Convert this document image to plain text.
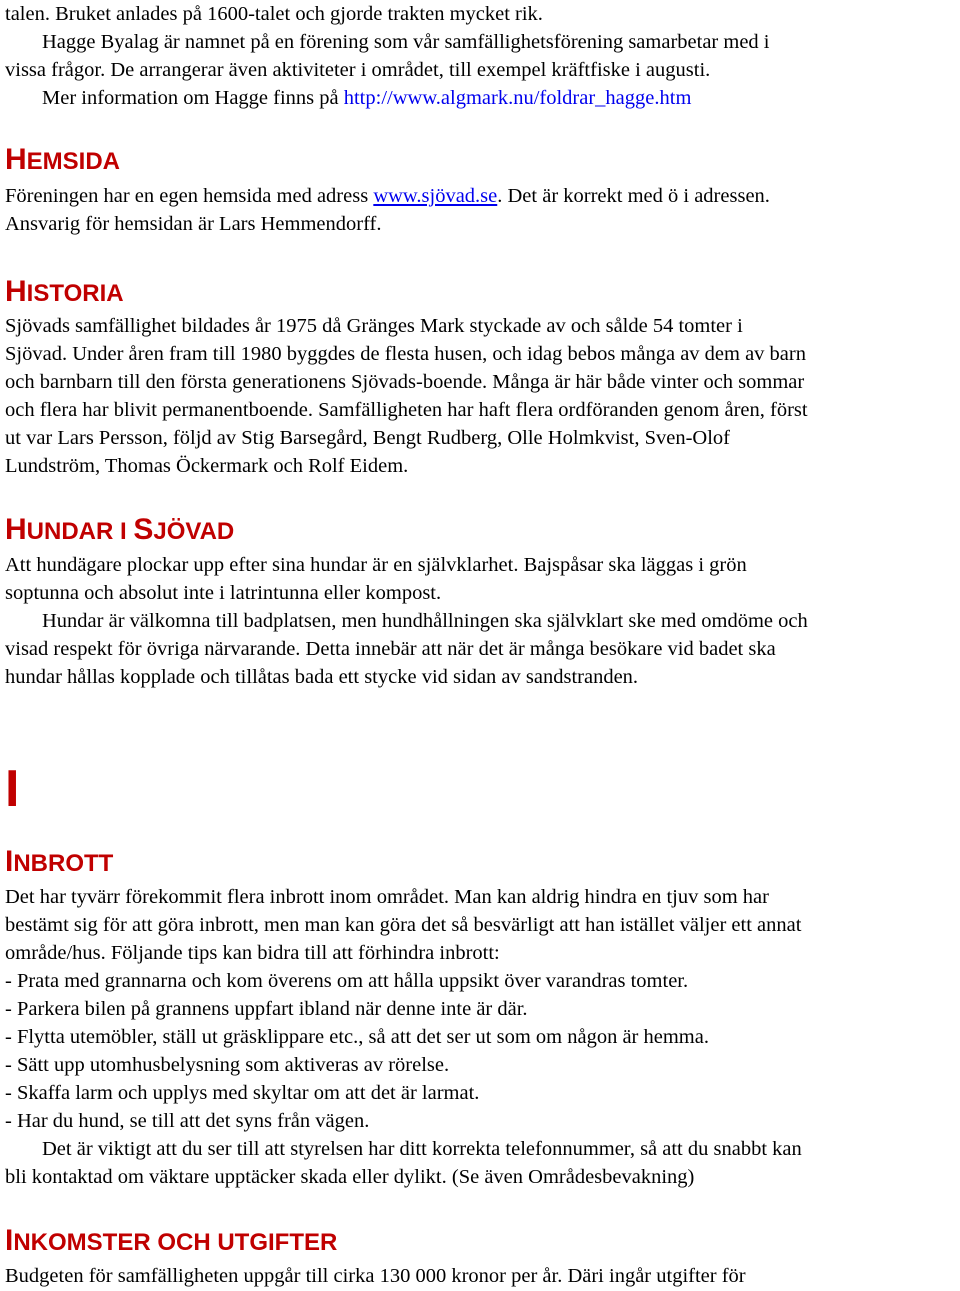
talen. Bruket anlades på 1600-talet och gjorde trakten mycket rik.
Hagge Byalag är namnet på en förening som vår samfällighetsförening samarbetar med i
vissa frågor. De arrangerar även aktiviteter i området, till exempel kräftfiske i augusti.
Mer information om Hagge finns på http://www.algmark.nu/foldrar_hagge.htm
HEMSIDA
Föreningen har en egen hemsida med adress www.sjövad.se. Det är korrekt med ö i adressen.
Ansvarig för hemsidan är Lars Hemmendorff.
HISTORIA
Sjövads samfällighet bildades år 1975 då Gränges Mark styckade av och sålde 54 tomter i
Sjövad. Under åren fram till 1980 byggdes de flesta husen, och idag bebos många av dem av barn
och barnbarn till den första generationens Sjövads-boende. Många är här både vinter och sommar
och flera har blivit permanentboende. Samfälligheten har haft flera ordföranden genom åren, först
ut var Lars Persson, följd av Stig Barsegård, Bengt Rudberg, Olle Holmkvist, Sven-Olof
Lundström, Thomas Öckermark och Rolf Eidem.
HUNDAR I SJÖVAD
Att hundägare plockar upp efter sina hundar är en självklarhet. Bajspåsar ska läggas i grön
soptunna och absolut inte i latrintunna eller kompost.
Hundar är välkomna till badplatsen, men hundhållningen ska självklart ske med omdöme och
visad respekt för övriga närvarande. Detta innebär att när det är många besökare vid badet ska
hundar hållas kopplade och tillåtas bada ett stycke vid sidan av sandstranden.
I
INBROTT
Det har tyvärr förekommit flera inbrott inom området. Man kan aldrig hindra en tjuv som har
bestämt sig för att göra inbrott, men man kan göra det så besvärligt att han istället väljer ett annat
område/hus. Följande tips kan bidra till att förhindra inbrott:
- Prata med grannarna och kom överens om att hålla uppsikt över varandras tomter.
- Parkera bilen på grannens uppfart ibland när denne inte är där.
- Flytta utemöbler, ställ ut gräsklippare etc., så att det ser ut som om någon är hemma.
- Sätt upp utomhusbelysning som aktiveras av rörelse.
- Skaffa larm och upplys med skyltar om att det är larmat.
- Har du hund, se till att det syns från vägen.
Det är viktigt att du ser till att styrelsen har ditt korrekta telefonnummer, så att du snabbt kan
bli kontaktad om väktare upptäcker skada eller dylikt. (Se även Områdesbevakning)
INKOMSTER OCH UTGIFTER
Budgeten för samfälligheten uppgår till cirka 130 000 kronor per år. Däri ingår utgifter för
